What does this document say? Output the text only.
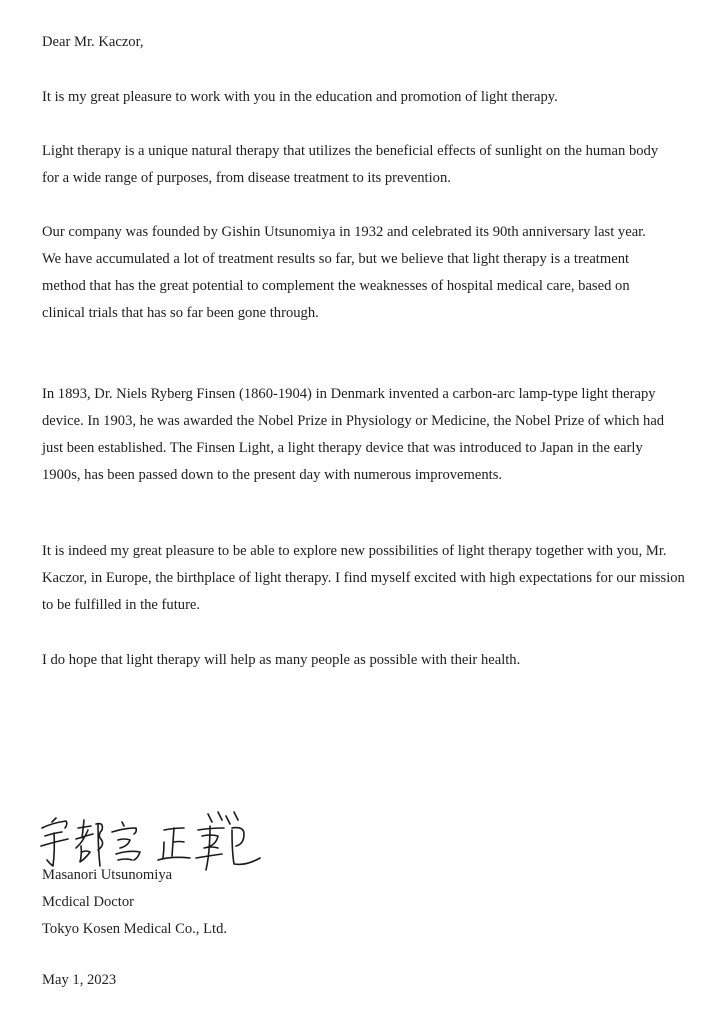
Dear Mr. Kaczor,

It is my great pleasure to work with you in the education and promotion of light therapy.

Light therapy is a unique natural therapy that utilizes the beneficial effects of sunlight on the human body for a wide range of purposes, from disease treatment to its prevention.

Our company was founded by Gishin Utsunomiya in 1932 and celebrated its 90th anniversary last year. We have accumulated a lot of treatment results so far, but we believe that light therapy is a treatment method that has the great potential to complement the weaknesses of hospital medical care, based on clinical trials that has so far been gone through.

In 1893, Dr. Niels Ryberg Finsen (1860-1904) in Denmark invented a carbon-arc lamp-type light therapy device. In 1903, he was awarded the Nobel Prize in Physiology or Medicine, the Nobel Prize of which had just been established. The Finsen Light, a light therapy device that was introduced to Japan in the early 1900s, has been passed down to the present day with numerous improvements.

It is indeed my great pleasure to be able to explore new possibilities of light therapy together with you, Mr. Kaczor, in Europe, the birthplace of light therapy. I find myself excited with high expectations for our mission to be fulfilled in the future.

I do hope that light therapy will help as many people as possible with their health.

Masanori Utsunomiya
Mcdical Doctor
Tokyo Kosen Medical Co., Ltd.
May 1, 2023
